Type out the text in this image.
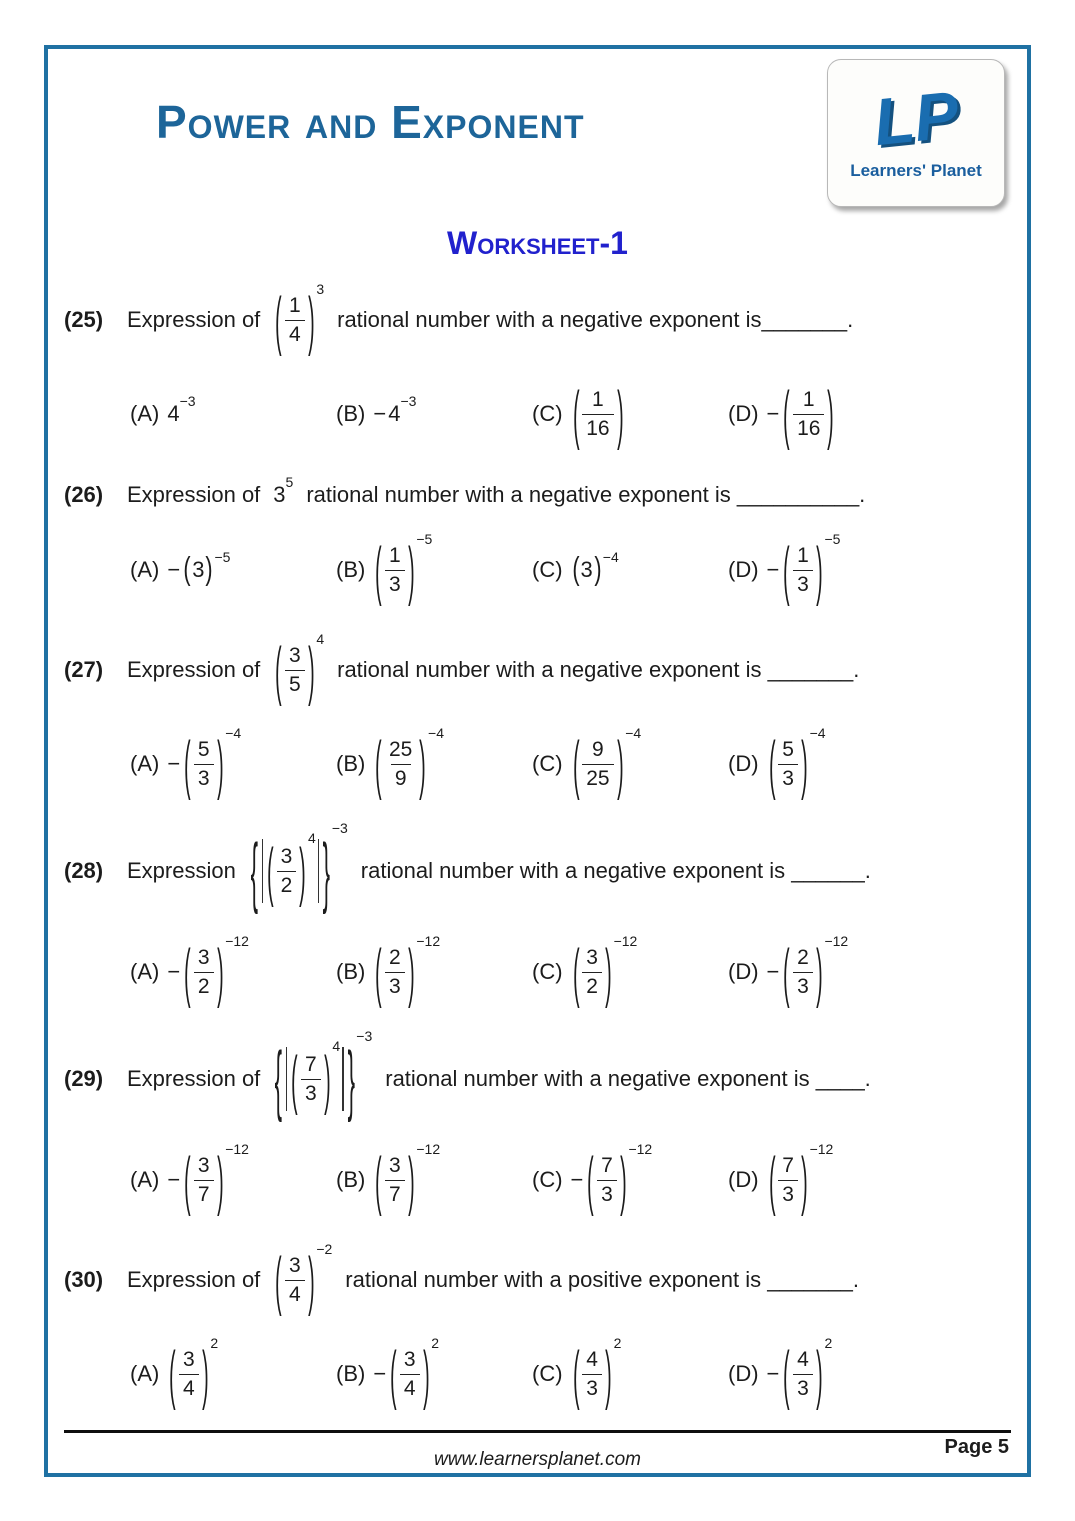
Power and Exponent	LP
Learners' Planet
Worksheet-1
(25)	Expression of ( 1
4 ) 3
rational number with a negative exponent is_______.
(A) 4 −3	(B) − 4 −3	(C) ( 1
16 )	(D) − ( 1
16 )
(26)	Expression of 3 5 rational number with a negative exponent is __________.
(A) − ( 3 ) −5	(B) ( 1
3 ) −5
(C) ( 3 ) −4	(D) − ( 1
3 ) −5
(27)	Expression of ( 3
5 ) 4
rational number with a negative exponent is _______.
(A) − ( 5
3 ) −4
(B) ( 25
9 ) −4
(C) ( 9
25 ) −4
(D) ( 5
3 ) −4
(28)	Expression { ( 3
2 ) 4 } −3
rational number with a negative exponent is ______.
(A) − ( 3
2 ) −12
(B) ( 2
3 ) −12
(C) ( 3
2 ) −12
(D) − ( 2
3 ) −12
(29)	Expression of { ( 7
3 ) 4 } −3
rational number with a negative exponent is ____.
(A) − ( 3
7 ) −12
(B) ( 3
7 ) −12
(C) − ( 7
3 ) −12
(D) ( 7
3 ) −12
(30)	Expression of ( 3
4 ) −2
rational number with a positive exponent is _______.
(A) ( 3
4 ) 2
(B) − ( 3
4 ) 2
(C) ( 4
3 ) 2
(D) − ( 4
3 ) 2
Page 5
www.learnersplanet.com
